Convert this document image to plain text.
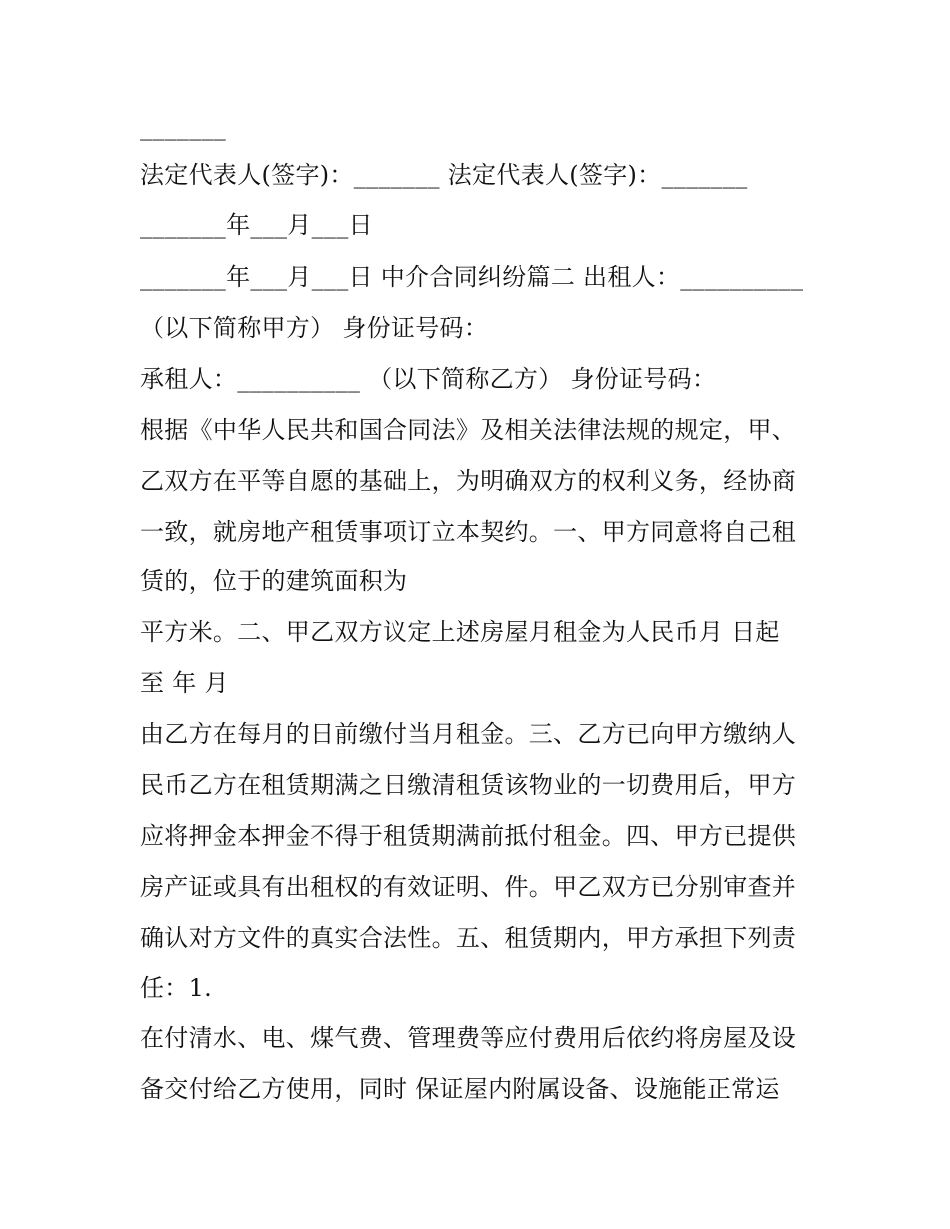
_______
法定代表人(签字)：_______ 法定代表人(签字)：_______
_______年___月___日
_______年___月___日 中介合同纠纷篇二 出租人：__________
（以下简称甲方） 身份证号码：
承租人：__________ （以下简称乙方） 身份证号码：
根据《中华人民共和国合同法》及相关法律法规的规定，甲、
乙双方在平等自愿的基础上，为明确双方的权利义务，经协商
一致，就房地产租赁事项订立本契约。一、甲方同意将自己租
赁的，位于的建筑面积为
平方米。二、甲乙双方议定上述房屋月租金为人民币月 日起
至 年 月
由乙方在每月的日前缴付当月租金。三、乙方已向甲方缴纳人
民币乙方在租赁期满之日缴清租赁该物业的一切费用后，甲方
应将押金本押金不得于租赁期满前抵付租金。四、甲方已提供
房产证或具有出租权的有效证明、件。甲乙双方已分别审查并
确认对方文件的真实合法性。五、租赁期内，甲方承担下列责
任：1.
在付清水、电、煤气费、管理费等应付费用后依约将房屋及设
备交付给乙方使用，同时 保证屋内附属设备、设施能正常运
